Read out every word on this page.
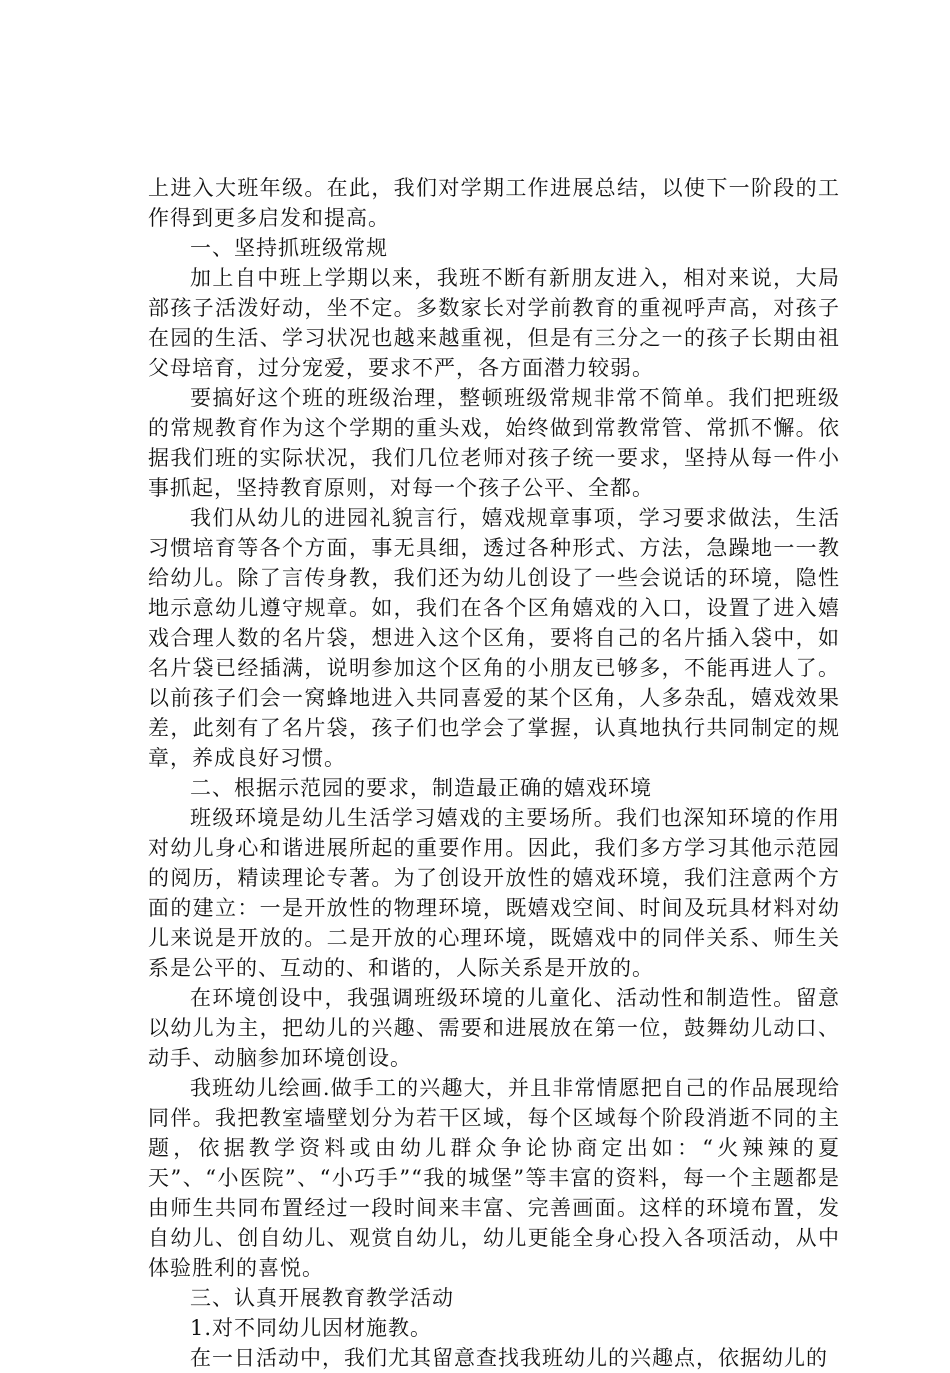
上进入大班年级。在此，我们对学期工作进展总结，以使下一阶段的工作得到更多启发和提高。

一、坚持抓班级常规

加上自中班上学期以来，我班不断有新朋友进入，相对来说，大局部孩子活泼好动，坐不定。多数家长对学前教育的重视呼声高，对孩子在园的生活、学习状况也越来越重视，但是有三分之一的孩子长期由祖父母培育，过分宠爱，要求不严，各方面潜力较弱。

要搞好这个班的班级治理，整顿班级常规非常不简单。我们把班级的常规教育作为这个学期的重头戏，始终做到常教常管、常抓不懈。依据我们班的实际状况，我们几位老师对孩子统一要求，坚持从每一件小事抓起，坚持教育原则，对每一个孩子公平、全都。

我们从幼儿的进园礼貌言行，嬉戏规章事项，学习要求做法，生活习惯培育等各个方面，事无具细，透过各种形式、方法，急躁地一一教给幼儿。除了言传身教，我们还为幼儿创设了一些会说话的环境，隐性地示意幼儿遵守规章。如，我们在各个区角嬉戏的入口，设置了进入嬉戏合理人数的名片袋，想进入这个区角，要将自己的名片插入袋中，如名片袋已经插满，说明参加这个区角的小朋友已够多，不能再进人了。以前孩子们会一窝蜂地进入共同喜爱的某个区角，人多杂乱，嬉戏效果差，此刻有了名片袋，孩子们也学会了掌握，认真地执行共同制定的规章，养成良好习惯。

二、根据示范园的要求，制造最正确的嬉戏环境

班级环境是幼儿生活学习嬉戏的主要场所。我们也深知环境的作用对幼儿身心和谐进展所起的重要作用。因此，我们多方学习其他示范园的阅历，精读理论专著。为了创设开放性的嬉戏环境，我们注意两个方面的建立：一是开放性的物理环境，既嬉戏空间、时间及玩具材料对幼儿来说是开放的。二是开放的心理环境，既嬉戏中的同伴关系、师生关系是公平的、互动的、和谐的，人际关系是开放的。

在环境创设中，我强调班级环境的儿童化、活动性和制造性。留意以幼儿为主，把幼儿的兴趣、需要和进展放在第一位，鼓舞幼儿动口、动手、动脑参加环境创设。

我班幼儿绘画.做手工的兴趣大，并且非常情愿把自己的作品展现给同伴。我把教室墙壁划分为若干区域，每个区域每个阶段消逝不同的主题，依据教学资料或由幼儿群众争论协商定出如：“火辣辣的夏天”、“小医院”、“小巧手”“我的城堡”等丰富的资料，每一个主题都是由师生共同布置经过一段时间来丰富、完善画面。这样的环境布置，发自幼儿、创自幼儿、观赏自幼儿，幼儿更能全身心投入各项活动，从中体验胜利的喜悦。

三、认真开展教育教学活动

1.对不同幼儿因材施教。

在一日活动中，我们尤其留意查找我班幼儿的兴趣点，依据幼儿的
